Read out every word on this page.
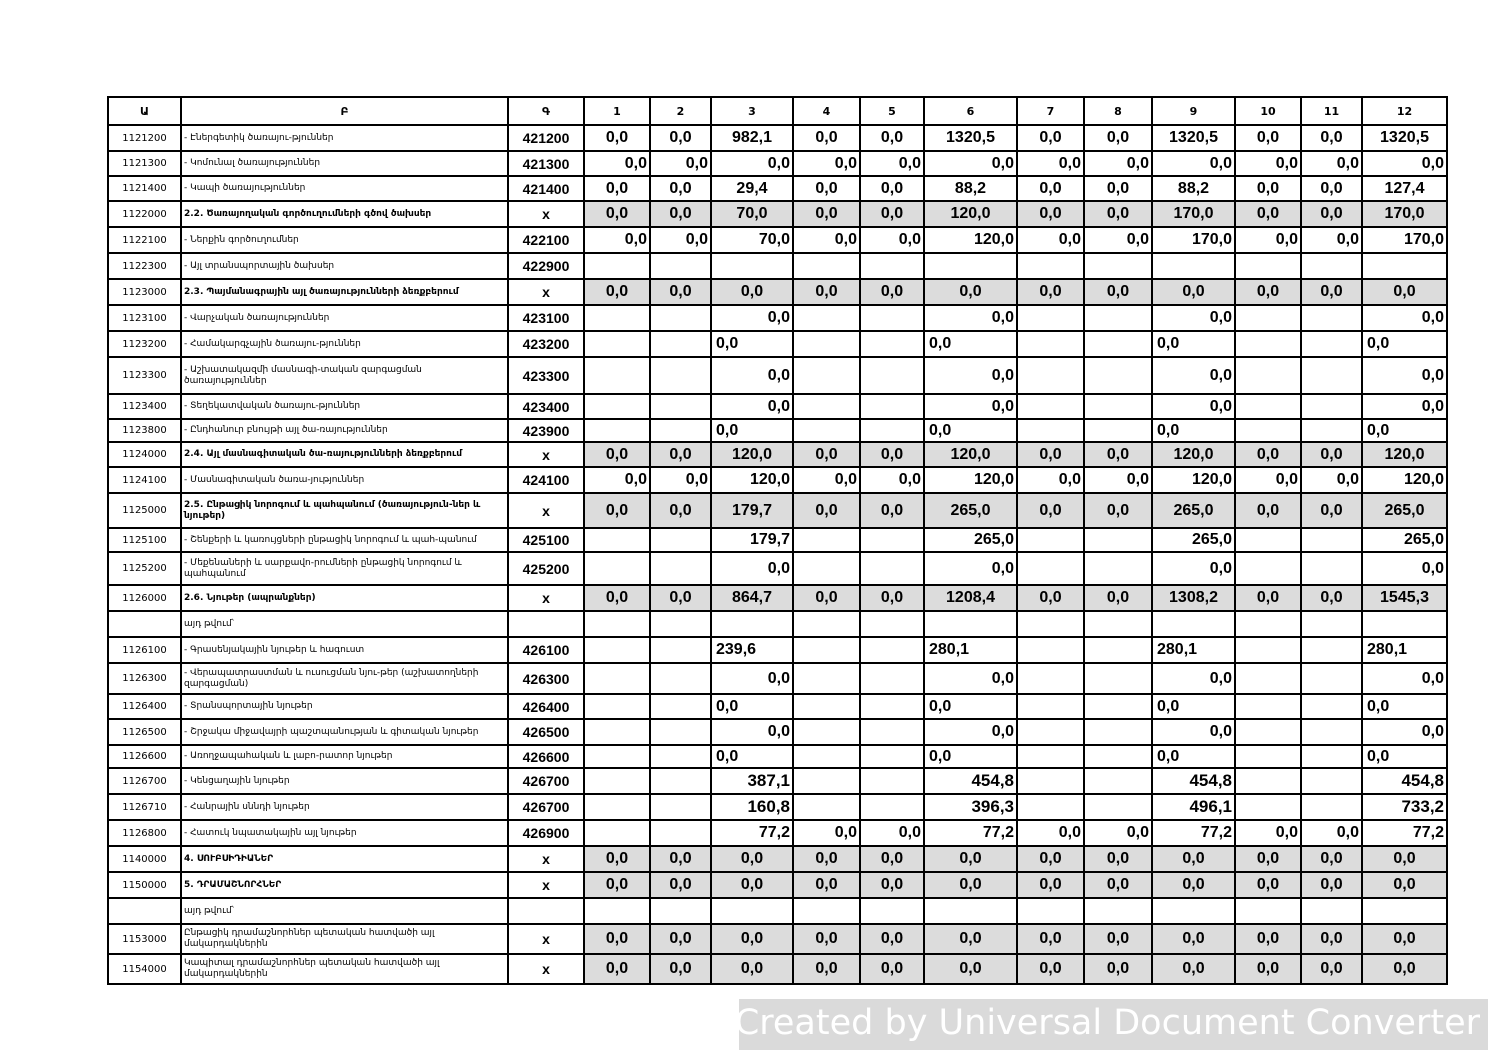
Ա	Բ	Գ	1	2	3	4	5	6	7	8	9	10	11	12
1121200	- Էներգետիկ ծառայու-թյուններ	421200	0,0	0,0	982,1	0,0	0,0	1320,5	0,0	0,0	1320,5	0,0	0,0	1320,5
1121300	- Կոմունալ ծառայություններ	421300	0,0	0,0	0,0	0,0	0,0	0,0	0,0	0,0	0,0	0,0	0,0	0,0
1121400	- Կապի ծառայություններ	421400	0,0	0,0	29,4	0,0	0,0	88,2	0,0	0,0	88,2	0,0	0,0	127,4
1122000	2.2. Ծառայողական գործուղումների գծով ծախսեր	x	0,0	0,0	70,0	0,0	0,0	120,0	0,0	0,0	170,0	0,0	0,0	170,0
1122100	- Ներքին գործուղումներ	422100	0,0	0,0	70,0	0,0	0,0	120,0	0,0	0,0	170,0	0,0	0,0	170,0
1122300	- Այլ տրանսպորտային ծախսեր	422900												
1123000	2.3. Պայմանագրային այլ ծառայությունների ձեռքբերում	x	0,0	0,0	0,0	0,0	0,0	0,0	0,0	0,0	0,0	0,0	0,0	0,0
1123100	- Վարչական ծառայություններ	423100			0,0			0,0			0,0			0,0
1123200	- Համակարգչային ծառայու-թյուններ	423200			0,0			0,0			0,0			0,0
1123300	- Աշխատակազմի մասնագի-տական զարգացման ծառայություններ	423300			0,0			0,0			0,0			0,0
1123400	- Տեղեկատվական ծառայու-թյուններ	423400			0,0			0,0			0,0			0,0
1123800	- Ընդհանուր բնույթի այլ ծա-ռայություններ	423900			0,0			0,0			0,0			0,0
1124000	2.4. Այլ մասնագիտական ծա-ռայությունների ձեռքբերում	x	0,0	0,0	120,0	0,0	0,0	120,0	0,0	0,0	120,0	0,0	0,0	120,0
1124100	- Մասնագիտական ծառա-յություններ	424100	0,0	0,0	120,0	0,0	0,0	120,0	0,0	0,0	120,0	0,0	0,0	120,0
1125000	2.5. Ընթացիկ նորոգում և պահպանում (ծառայություն-ներ և նյութեր)	x	0,0	0,0	179,7	0,0	0,0	265,0	0,0	0,0	265,0	0,0	0,0	265,0
1125100	- Շենքերի և կառույցների ընթացիկ նորոգում և պահ-պանում	425100			179,7			265,0			265,0			265,0
1125200	- Մեքենաների և սարքավո-րումների ընթացիկ նորոգում և պահպանում	425200			0,0			0,0			0,0			0,0
1126000	2.6. Նյութեր (ապրանքներ)	x	0,0	0,0	864,7	0,0	0,0	1208,4	0,0	0,0	1308,2	0,0	0,0	1545,3
	այդ թվում՝													
1126100	- Գրասենյակային նյութեր և հագուստ	426100			239,6			280,1			280,1			280,1
1126300	- Վերապատրաստման և ուսուցման նյու-թեր (աշխատողների զարգացման)	426300			0,0			0,0			0,0			0,0
1126400	- Տրանսպորտային նյութեր	426400			0,0			0,0			0,0			0,0
1126500	- Շրջակա միջավայրի պաշտպանության և գիտական նյութեր	426500			0,0			0,0			0,0			0,0
1126600	- Առողջապահական և լաբո-րատոր նյութեր	426600			0,0			0,0			0,0			0,0
1126700	- Կենցաղային նյութեր	426700			387,1			454,8			454,8			454,8
1126710	- Հանրային սննդի նյութեր	426700			160,8			396,3			496,1			733,2
1126800	- Հատուկ նպատակային այլ նյութեր	426900			77,2	0,0	0,0	77,2	0,0	0,0	77,2	0,0	0,0	77,2
1140000	4. ՍՈՒԲՍԻԴԻԱՆԵՐ	x	0,0	0,0	0,0	0,0	0,0	0,0	0,0	0,0	0,0	0,0	0,0	0,0
1150000	5. ԴՐԱՄԱՇՆՈՐՀՆԵՐ	x	0,0	0,0	0,0	0,0	0,0	0,0	0,0	0,0	0,0	0,0	0,0	0,0
	այդ թվում՝													
1153000	Ընթացիկ դրամաշնորհներ պետական հատվածի այլ մակարդակներին	x	0,0	0,0	0,0	0,0	0,0	0,0	0,0	0,0	0,0	0,0	0,0	0,0
1154000	Կապիտալ դրամաշնորհներ պետական հատվածի այլ մակարդակներին	x	0,0	0,0	0,0	0,0	0,0	0,0	0,0	0,0	0,0	0,0	0,0	0,0
Created by Universal Document Converter
